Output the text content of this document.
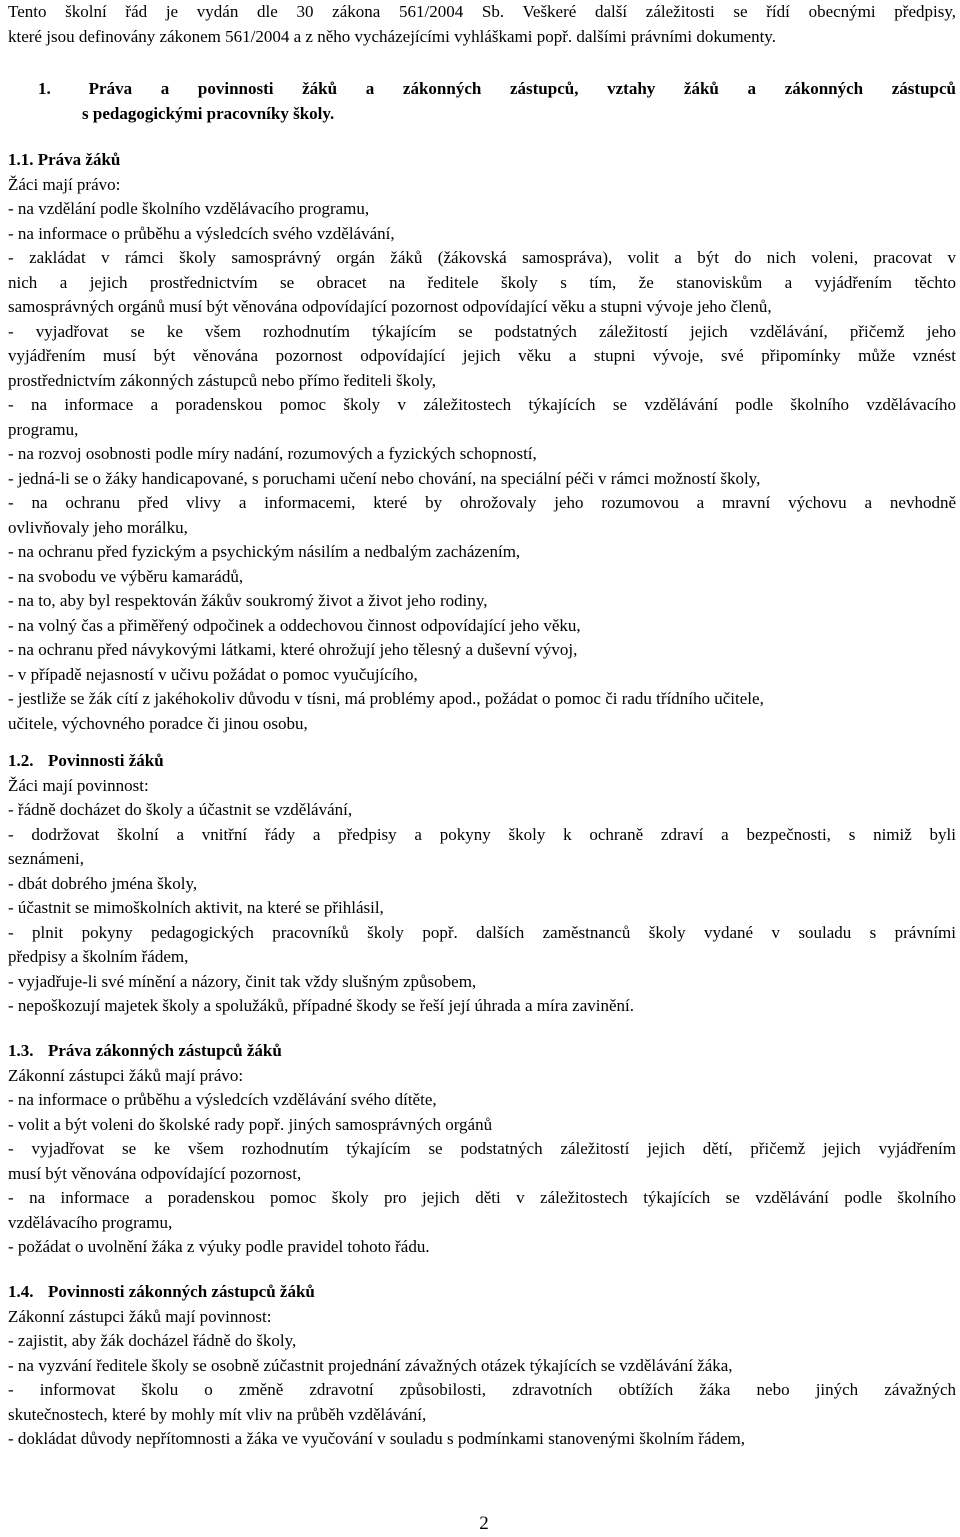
Tento školní řád je vydán dle 30 zákona 561/2004 Sb. Veškeré další záležitosti se řídí obecnými předpisy,
které jsou definovány zákonem 561/2004 a z něho vycházejícími vyhláškami popř. dalšími právními dokumenty.
1. Práva a povinnosti žáků a zákonných zástupců, vztahy žáků a zákonných zástupců
s pedagogickými pracovníky školy.
1.1. Práva žáků
Žáci mají právo:
- na vzdělání podle školního vzdělávacího programu,
- na informace o průběhu a výsledcích svého vzdělávání,
- zakládat v rámci školy samosprávný orgán žáků (žákovská samospráva), volit a být do nich voleni, pracovat v
nich a jejich prostřednictvím se obracet na ředitele školy s tím, že stanoviskům a vyjádřením těchto
samosprávných orgánů musí být věnována odpovídající pozornost odpovídající věku a stupni vývoje jeho členů,
- vyjadřovat se ke všem rozhodnutím týkajícím se podstatných záležitostí jejich vzdělávání, přičemž jeho
vyjádřením musí být věnována pozornost odpovídající jejich věku a stupni vývoje, své připomínky může vznést
prostřednictvím zákonných zástupců nebo přímo řediteli školy,
- na informace a poradenskou pomoc školy v záležitostech týkajících se vzdělávání podle školního vzdělávacího
programu,
- na rozvoj osobnosti podle míry nadání, rozumových a fyzických schopností,
- jedná-li se o žáky handicapované, s poruchami učení nebo chování, na speciální péči v rámci možností školy,
- na ochranu před vlivy a informacemi, které by ohrožovaly jeho rozumovou a mravní výchovu a nevhodně
ovlivňovaly jeho morálku,
- na ochranu před fyzickým a psychickým násilím a nedbalým zacházením,
- na svobodu ve výběru kamarádů,
- na to, aby byl respektován žákův soukromý život a život jeho rodiny,
- na volný čas a přiměřený odpočinek a oddechovou činnost odpovídající jeho věku,
- na ochranu před návykovými látkami, které ohrožují jeho tělesný a duševní vývoj,
- v případě nejasností v učivu požádat o pomoc vyučujícího,
- jestliže se žák cítí z jakéhokoliv důvodu v tísni, má problémy apod., požádat o pomoc či radu třídního učitele,
učitele, výchovného poradce či jinou osobu,
1.2. Povinnosti žáků
Žáci mají povinnost:
- řádně docházet do školy a účastnit se vzdělávání,
- dodržovat školní a vnitřní řády a předpisy a pokyny školy k ochraně zdraví a bezpečnosti, s nimiž byli
seznámeni,
- dbát dobrého jména školy,
- účastnit se mimoškolních aktivit, na které se přihlásil,
- plnit pokyny pedagogických pracovníků školy popř. dalších zaměstnanců školy vydané v souladu s právními
předpisy a školním řádem,
- vyjadřuje-li své mínění a názory, činit tak vždy slušným způsobem,
- nepoškozují majetek školy a spolužáků, případné škody se řeší její úhrada a míra zavinění.
1.3. Práva zákonných zástupců žáků
Zákonní zástupci žáků mají právo:
- na informace o průběhu a výsledcích vzdělávání svého dítěte,
- volit a být voleni do školské rady popř. jiných samosprávných orgánů
- vyjadřovat se ke všem rozhodnutím týkajícím se podstatných záležitostí jejich dětí, přičemž jejich vyjádřením
musí být věnována odpovídající pozornost,
- na informace a poradenskou pomoc školy pro jejich děti v záležitostech týkajících se vzdělávání podle školního
vzdělávacího programu,
- požádat o uvolnění žáka z výuky podle pravidel tohoto řádu.
1.4. Povinnosti zákonných zástupců žáků
Zákonní zástupci žáků mají povinnost:
- zajistit, aby žák docházel řádně do školy,
- na vyzvání ředitele školy se osobně zúčastnit projednání závažných otázek týkajících se vzdělávání žáka,
- informovat školu o změně zdravotní způsobilosti, zdravotních obtížích žáka nebo jiných závažných
skutečnostech, které by mohly mít vliv na průběh vzdělávání,
- dokládat důvody nepřítomnosti a žáka ve vyučování v souladu s podmínkami stanovenými školním řádem,
2
